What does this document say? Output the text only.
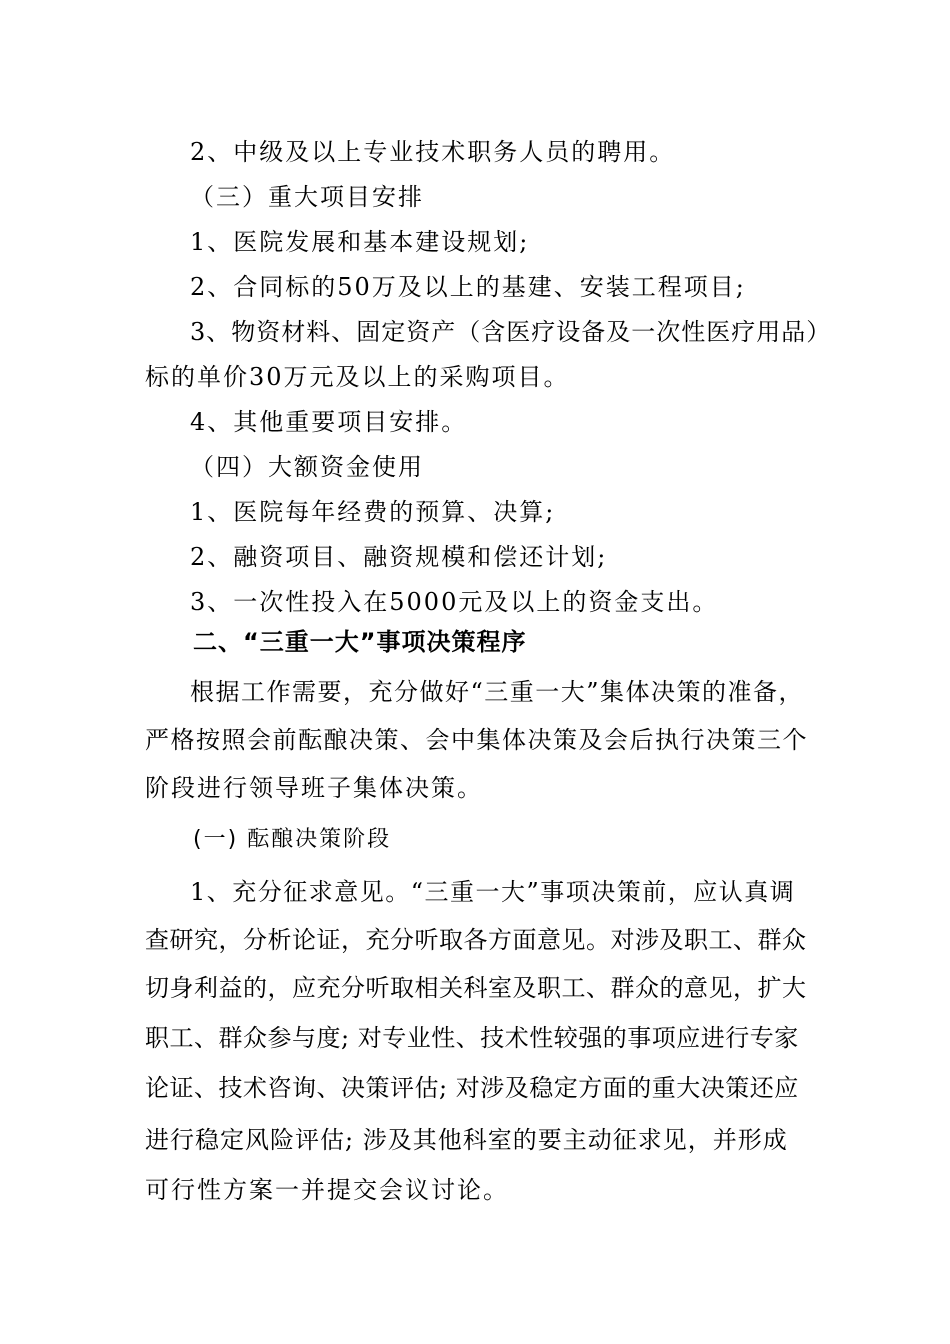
2、中级及以上专业技术职务人员的聘用。
（三）重大项目安排
1、医院发展和基本建设规划;
2、合同标的50万及以上的基建、安装工程项目;
3、物资材料、固定资产（含医疗设备及一次性医疗用品）
标的单价30万元及以上的采购项目。
4、其他重要项目安排。
（四）大额资金使用
1、医院每年经费的预算、决算;
2、融资项目、融资规模和偿还计划;
3、一次性投入在5000元及以上的资金支出。
二、“三重一大”事项决策程序
根据工作需要，充分做好“三重一大”集体决策的准备，
严格按照会前酝酿决策、会中集体决策及会后执行决策三个
阶段进行领导班子集体决策。
(一) 酝酿决策阶段
1、充分征求意见。“三重一大”事项决策前，应认真调
查研究，分析论证，充分听取各方面意见。对涉及职工、群众
切身利益的，应充分听取相关科室及职工、群众的意见，扩大
职工、群众参与度; 对专业性、技术性较强的事项应进行专家
论证、技术咨询、决策评估; 对涉及稳定方面的重大决策还应
进行稳定风险评估; 涉及其他科室的要主动征求见，并形成
可行性方案一并提交会议讨论。
